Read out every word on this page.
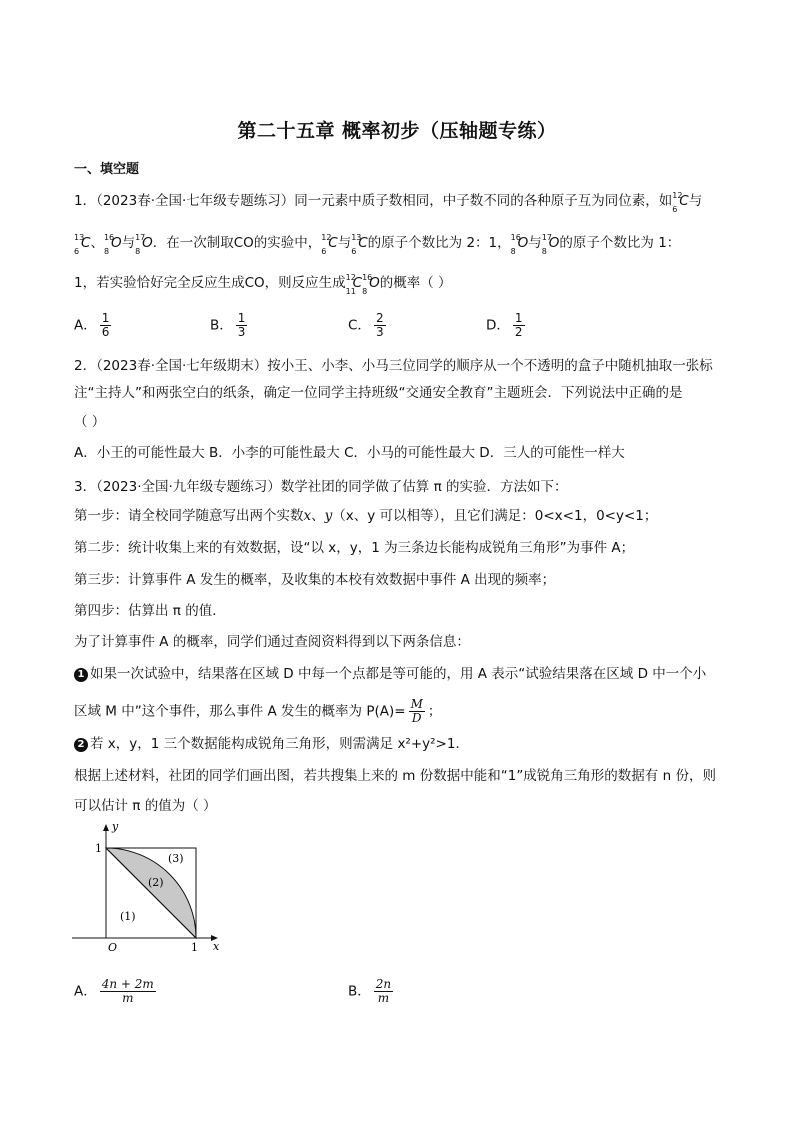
第二十五章 概率初步（压轴题专练）
一、填空题
1．（2023春·全国·七年级专题练习）同一元素中质子数相同，中子数不同的各种原子互为同位素，如 12
6
C与
13
6
C、 16
8
O与 17
8
O．在一次制取CO的实验中， 12
6
C与 13
6
C的原子个数比为 2：1， 16
8
O与 17
8
O的原子个数比为 1：
1，若实验恰好完全反应生成CO，则反应生成 12
11
C 16
8
O的概率（ ）
A． $\frac{1}{6}$	B． $\frac{1}{3}$	C． $\frac{2}{3}$	D． $\frac{1}{2}$
2．（2023春·全国·七年级期末）按小王、小李、小马三位同学的顺序从一个不透明的盒子中随机抽取一张标
注“主持人”和两张空白的纸条，确定一位同学主持班级“交通安全教育”主题班会．下列说法中正确的是
（ ）
A．小王的可能性最大 B．小李的可能性最大 C．小马的可能性最大 D．三人的可能性一样大
3．（2023·全国·九年级专题练习）数学社团的同学做了估算 π 的实验．方法如下：
第一步：请全校同学随意写出两个实数x、y（x、y 可以相等），且它们满足：0<x<1，0<y<1；
第二步：统计收集上来的有效数据，设“以 x，y，1 为三条边长能构成锐角三角形”为事件 A；
第三步：计算事件 A 发生的概率，及收集的本校有效数据中事件 A 出现的频率；
第四步：估算出 π 的值．
为了计算事件 A 的概率，同学们通过查阅资料得到以下两条信息：
1 如果一次试验中，结果落在区域 D 中每一个点都是等可能的，用 A 表示“试验结果落在区域 D 中一个小
区域 M 中”这个事件，那么事件 A 发生的概率为 $P(A)= \frac{M}{D}$ ；
2 若 x，y，1 三个数据能构成锐角三角形，则需满足 x²+y²>1．
根据上述材料，社团的同学们画出图，若共搜集上来的 m 份数据中能和“1”成锐角三角形的数据有 n 份，则
可以估计 π 的值为（ ）
y
x
O
1
1
(1)
(2)
(3)
A． $\frac{4n + 2m}{m}$	B． $\frac{2n}{m}$
